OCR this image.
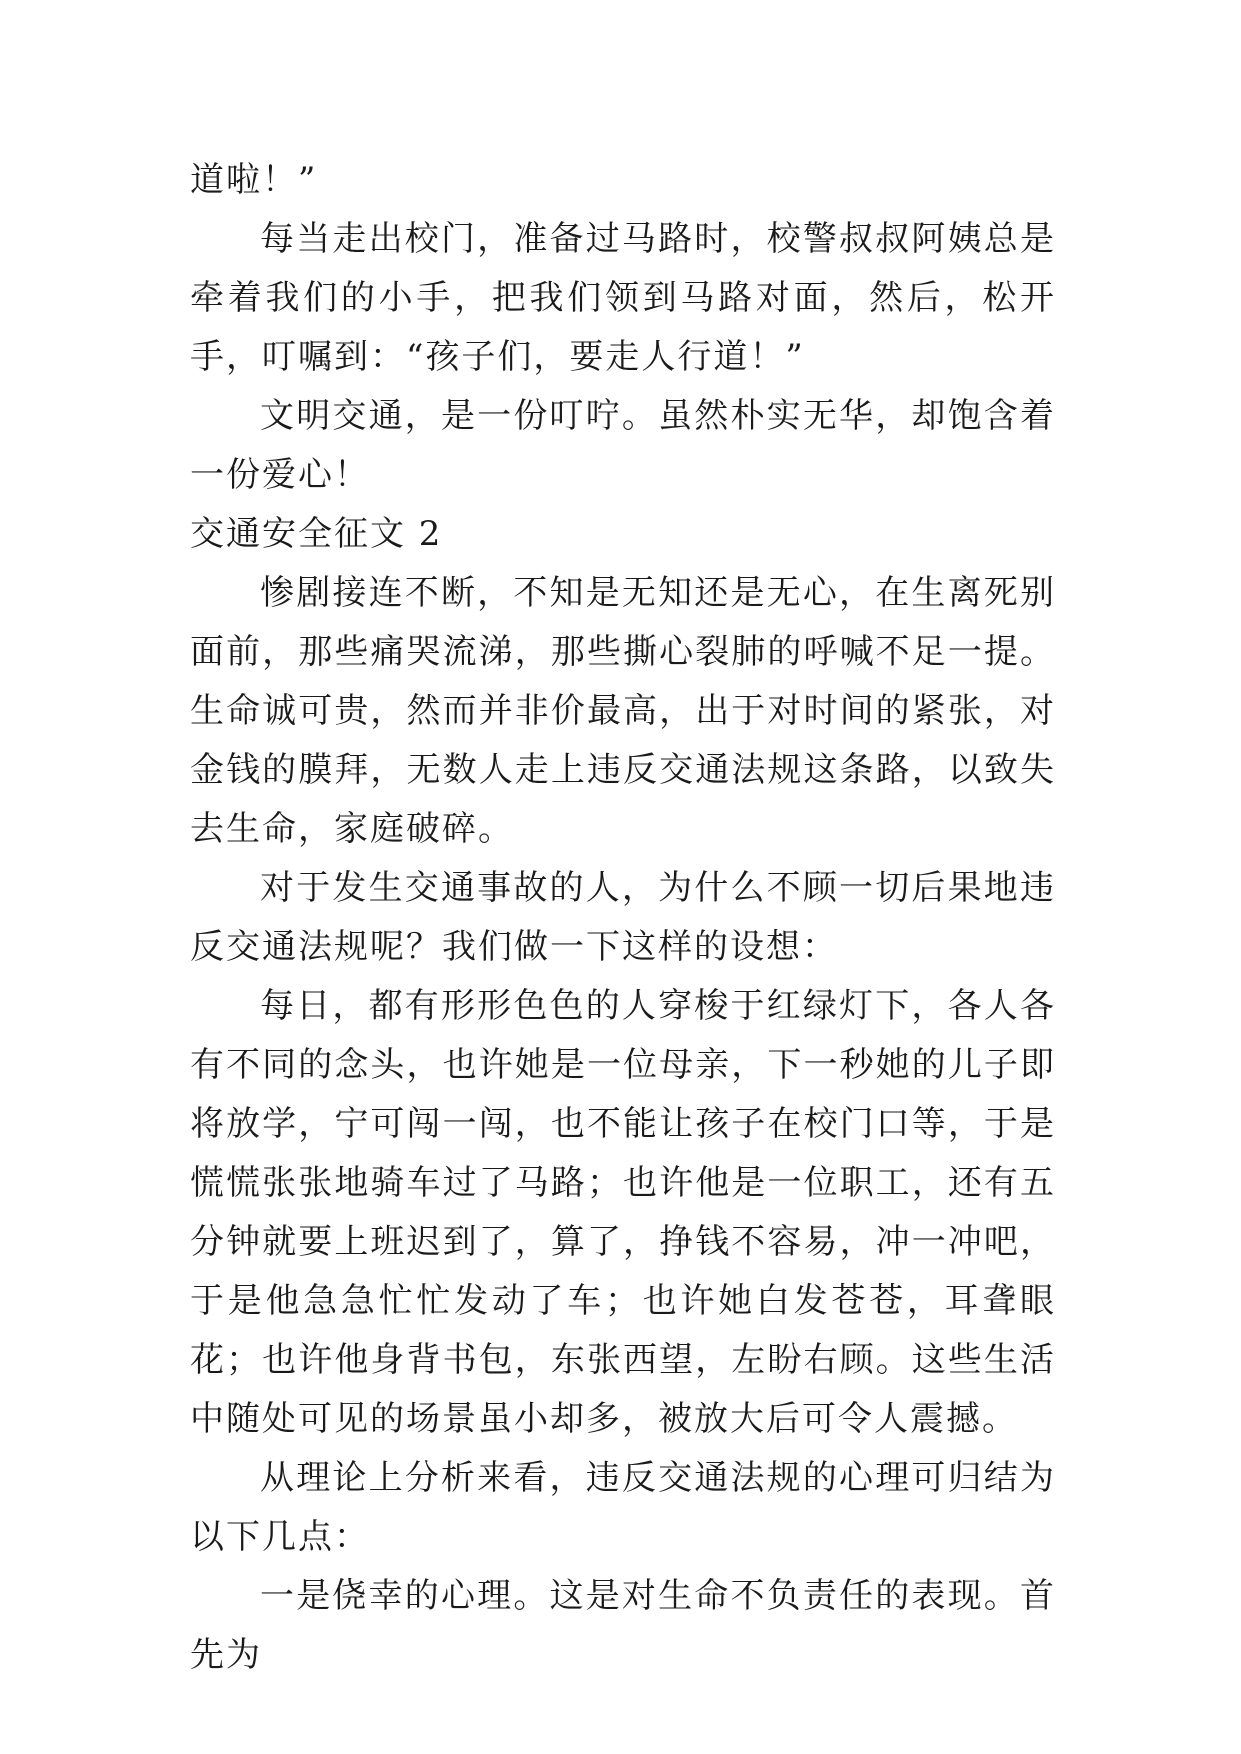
道啦！”

每当走出校门，准备过马路时，校警叔叔阿姨总是牵着我们的小手，把我们领到马路对面，然后，松开手，叮嘱到：“孩子们，要走人行道！”

文明交通，是一份叮咛。虽然朴实无华，却饱含着一份爱心！

交通安全征文 2

惨剧接连不断，不知是无知还是无心，在生离死别面前，那些痛哭流涕，那些撕心裂肺的呼喊不足一提。生命诚可贵，然而并非价最高，出于对时间的紧张，对金钱的膜拜，无数人走上违反交通法规这条路，以致失去生命，家庭破碎。

对于发生交通事故的人，为什么不顾一切后果地违反交通法规呢？我们做一下这样的设想：

每日，都有形形色色的人穿梭于红绿灯下，各人各有不同的念头，也许她是一位母亲，下一秒她的儿子即将放学，宁可闯一闯，也不能让孩子在校门口等，于是慌慌张张地骑车过了马路；也许他是一位职工，还有五分钟就要上班迟到了，算了，挣钱不容易，冲一冲吧，于是他急急忙忙发动了车；也许她白发苍苍，耳聋眼花；也许他身背书包，东张西望，左盼右顾。这些生活中随处可见的场景虽小却多，被放大后可令人震撼。

从理论上分析来看，违反交通法规的心理可归结为以下几点：

一是侥幸的心理。这是对生命不负责任的表现。首先为
